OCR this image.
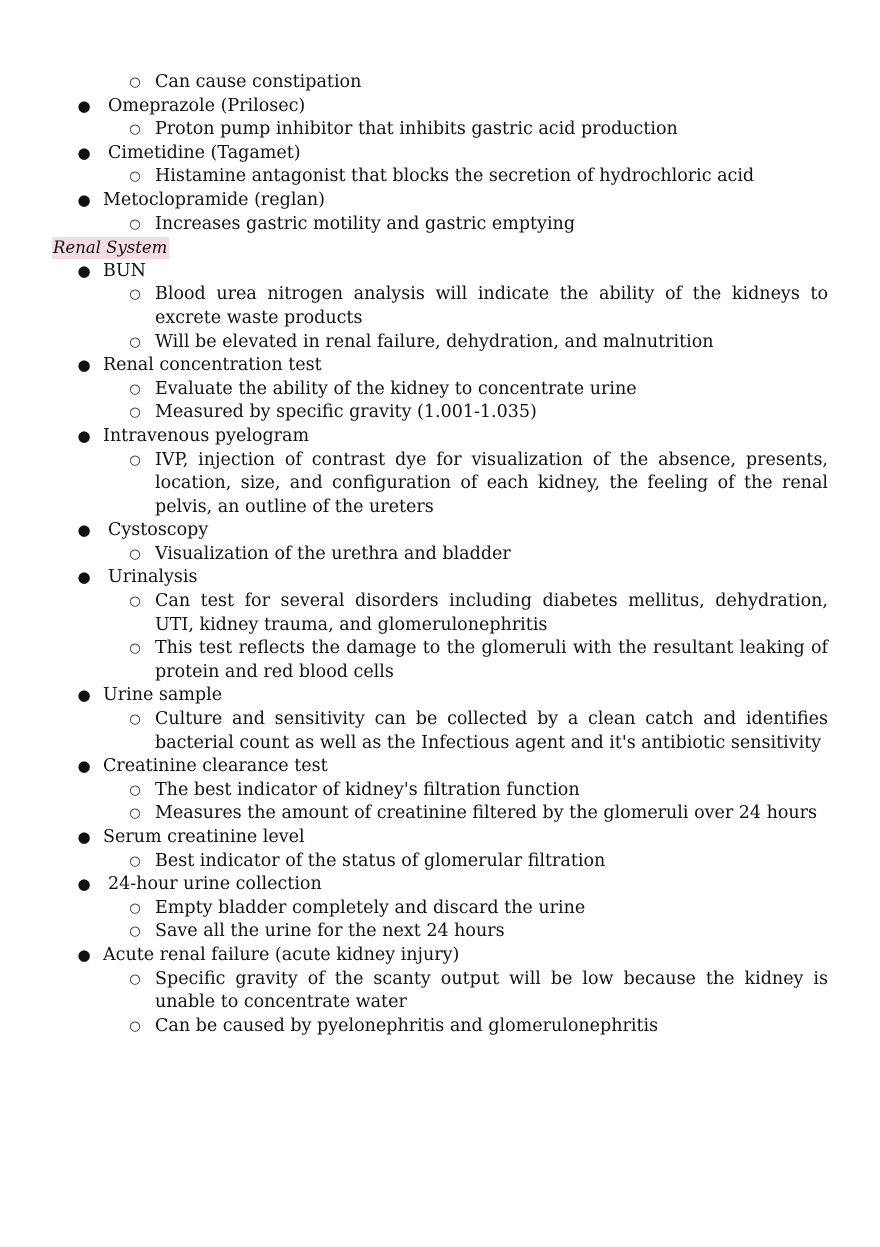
○ Can cause constipation
● Omeprazole (Prilosec)
○ Proton pump inhibitor that inhibits gastric acid production
● Cimetidine (Tagamet)
○ Histamine antagonist that blocks the secretion of hydrochloric acid
● Metoclopramide (reglan)
○ Increases gastric motility and gastric emptying
Renal System
● BUN
○ Blood urea nitrogen analysis will indicate the ability of the kidneys to excrete waste products
○ Will be elevated in renal failure, dehydration, and malnutrition
● Renal concentration test
○ Evaluate the ability of the kidney to concentrate urine
○ Measured by specific gravity (1.001-1.035)
● Intravenous pyelogram
○ IVP, injection of contrast dye for visualization of the absence, presents, location, size, and configuration of each kidney, the feeling of the renal pelvis, an outline of the ureters
● Cystoscopy
○ Visualization of the urethra and bladder
● Urinalysis
○ Can test for several disorders including diabetes mellitus, dehydration, UTI, kidney trauma, and glomerulonephritis
○ This test reflects the damage to the glomeruli with the resultant leaking of protein and red blood cells
● Urine sample
○ Culture and sensitivity can be collected by a clean catch and identifies bacterial count as well as the Infectious agent and it's antibiotic sensitivity
● Creatinine clearance test
○ The best indicator of kidney's filtration function
○ Measures the amount of creatinine filtered by the glomeruli over 24 hours
● Serum creatinine level
○ Best indicator of the status of glomerular filtration
● 24-hour urine collection
○ Empty bladder completely and discard the urine
○ Save all the urine for the next 24 hours
● Acute renal failure (acute kidney injury)
○ Specific gravity of the scanty output will be low because the kidney is unable to concentrate water
○ Can be caused by pyelonephritis and glomerulonephritis
